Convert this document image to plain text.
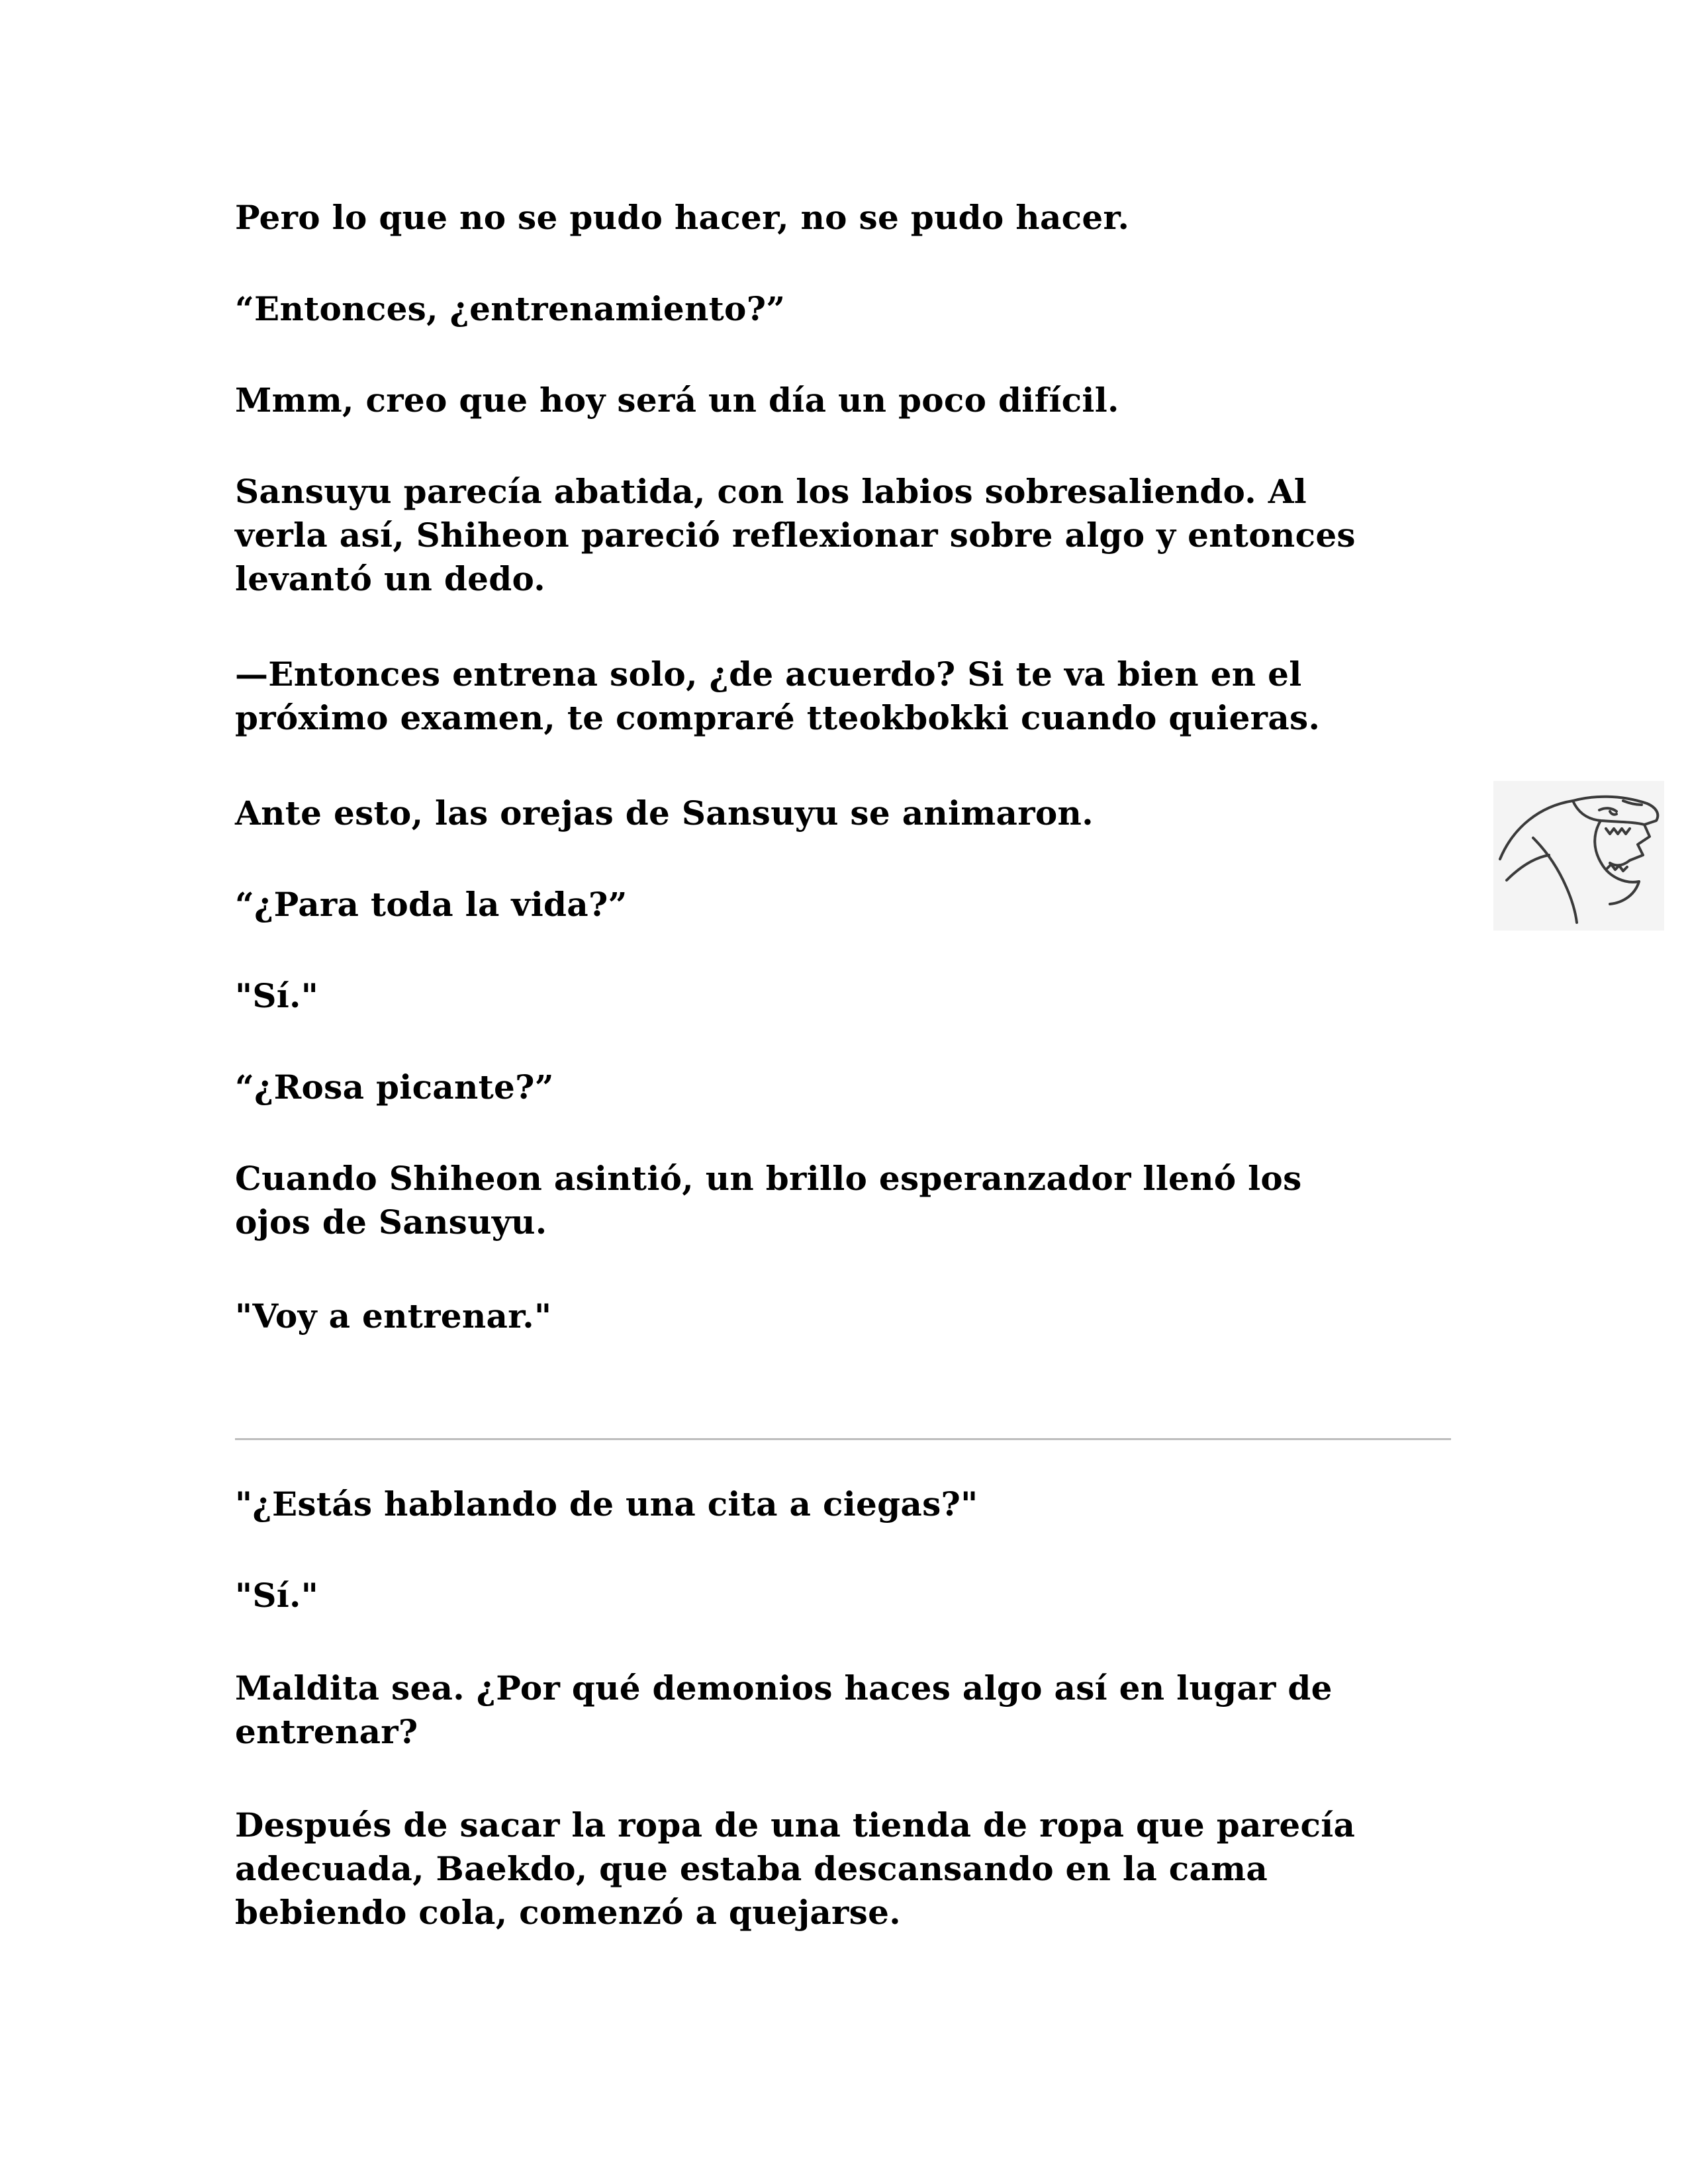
Pero lo que no se pudo hacer, no se pudo hacer.

“Entonces, ¿entrenamiento?”

Mmm, creo que hoy será un día un poco difícil.

Sansuyu parecía abatida, con los labios sobresaliendo. Al
verla así, Shiheon pareció reflexionar sobre algo y entonces
levantó un dedo.

—Entonces entrena solo, ¿de acuerdo? Si te va bien en el
próximo examen, te compraré tteokbokki cuando quieras.

Ante esto, las orejas de Sansuyu se animaron.

“¿Para toda la vida?”

"Sí."

“¿Rosa picante?”

Cuando Shiheon asintió, un brillo esperanzador llenó los
ojos de Sansuyu.

"Voy a entrenar."

"¿Estás hablando de una cita a ciegas?"

"Sí."

Maldita sea. ¿Por qué demonios haces algo así en lugar de
entrenar?

Después de sacar la ropa de una tienda de ropa que parecía
adecuada, Baekdo, que estaba descansando en la cama
bebiendo cola, comenzó a quejarse.
